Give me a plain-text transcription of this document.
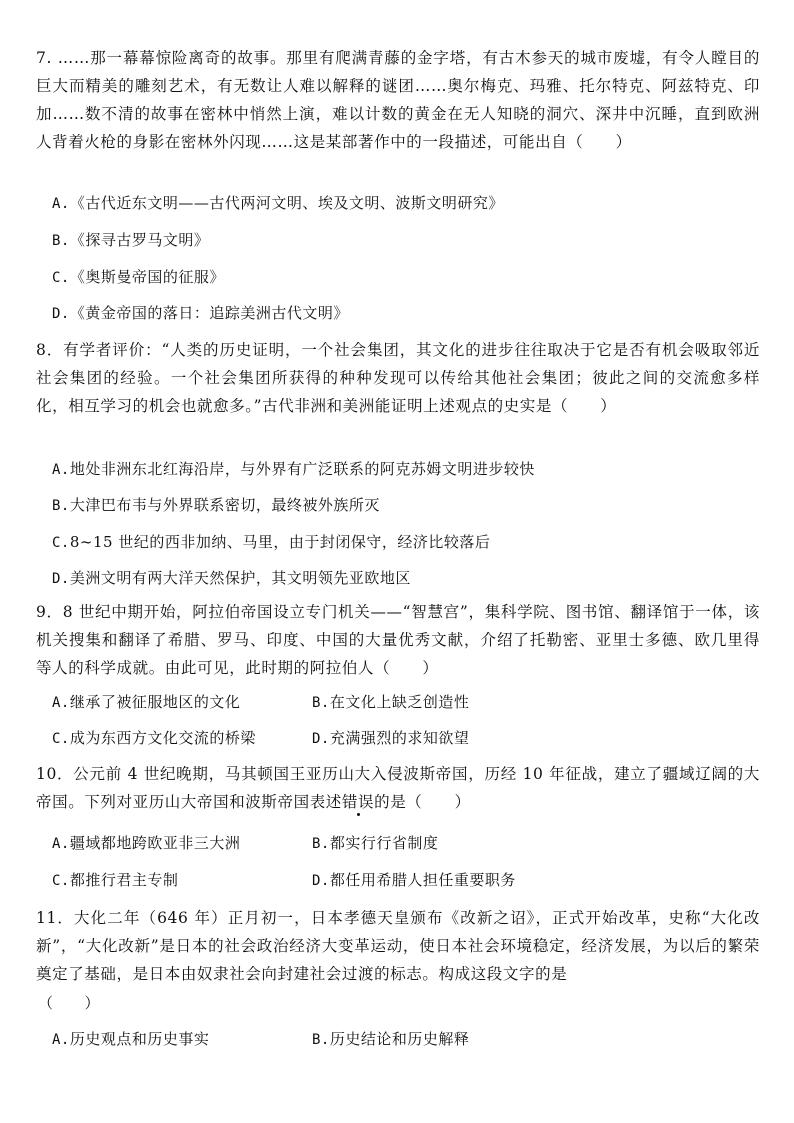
7. ……那一幕幕惊险离奇的故事。那里有爬满青藤的金字塔，有古木参天的城市废墟，有令人瞠目的巨大而精美的雕刻艺术，有无数让人难以解释的谜团……奥尔梅克、玛雅、托尔特克、阿兹特克、印加……数不清的故事在密林中悄然上演，难以计数的黄金在无人知晓的洞穴、深井中沉睡，直到欧洲人背着火枪的身影在密林外闪现……这是某部著作中的一段描述，可能出自（　　）

A.《古代近东文明——古代两河文明、埃及文明、波斯文明研究》

B.《探寻古罗马文明》

C.《奥斯曼帝国的征服》

D.《黄金帝国的落日：追踪美洲古代文明》

8．有学者评价：“人类的历史证明，一个社会集团，其文化的进步往往取决于它是否有机会吸取邻近社会集团的经验。一个社会集团所获得的种种发现可以传给其他社会集团；彼此之间的交流愈多样化，相互学习的机会也就愈多。”古代非洲和美洲能证明上述观点的史实是（　　）

A.地处非洲东北红海沿岸，与外界有广泛联系的阿克苏姆文明进步较快

B.大津巴布韦与外界联系密切，最终被外族所灭

C.8~15 世纪的西非加纳、马里，由于封闭保守，经济比较落后

D.美洲文明有两大洋天然保护，其文明领先亚欧地区

9．8 世纪中期开始，阿拉伯帝国设立专门机关——“智慧宫”，集科学院、图书馆、翻译馆于一体，该机关搜集和翻译了希腊、罗马、印度、中国的大量优秀文献，介绍了托勒密、亚里士多德、欧几里得等人的科学成就。由此可见，此时期的阿拉伯人（　　）

A.继承了被征服地区的文化	B.在文化上缺乏创造性

C.成为东西方文化交流的桥梁	D.充满强烈的求知欲望

10．公元前 4 世纪晚期，马其顿国王亚历山大入侵波斯帝国，历经 10 年征战，建立了疆域辽阔的大帝国。下列对亚历山大帝国和波斯帝国表述错误的是（　　）

A.疆域都地跨欧亚非三大洲	B.都实行行省制度

C.都推行君主专制	D.都任用希腊人担任重要职务

11．大化二年（646 年）正月初一，日本孝德天皇颁布《改新之诏》，正式开始改革，史称“大化改新”，“大化改新”是日本的社会政治经济大变革运动，使日本社会环境稳定，经济发展，为以后的繁荣奠定了基础，是日本由奴隶社会向封建社会过渡的标志。构成这段文字的是

（　　）

A.历史观点和历史事实	B.历史结论和历史解释
